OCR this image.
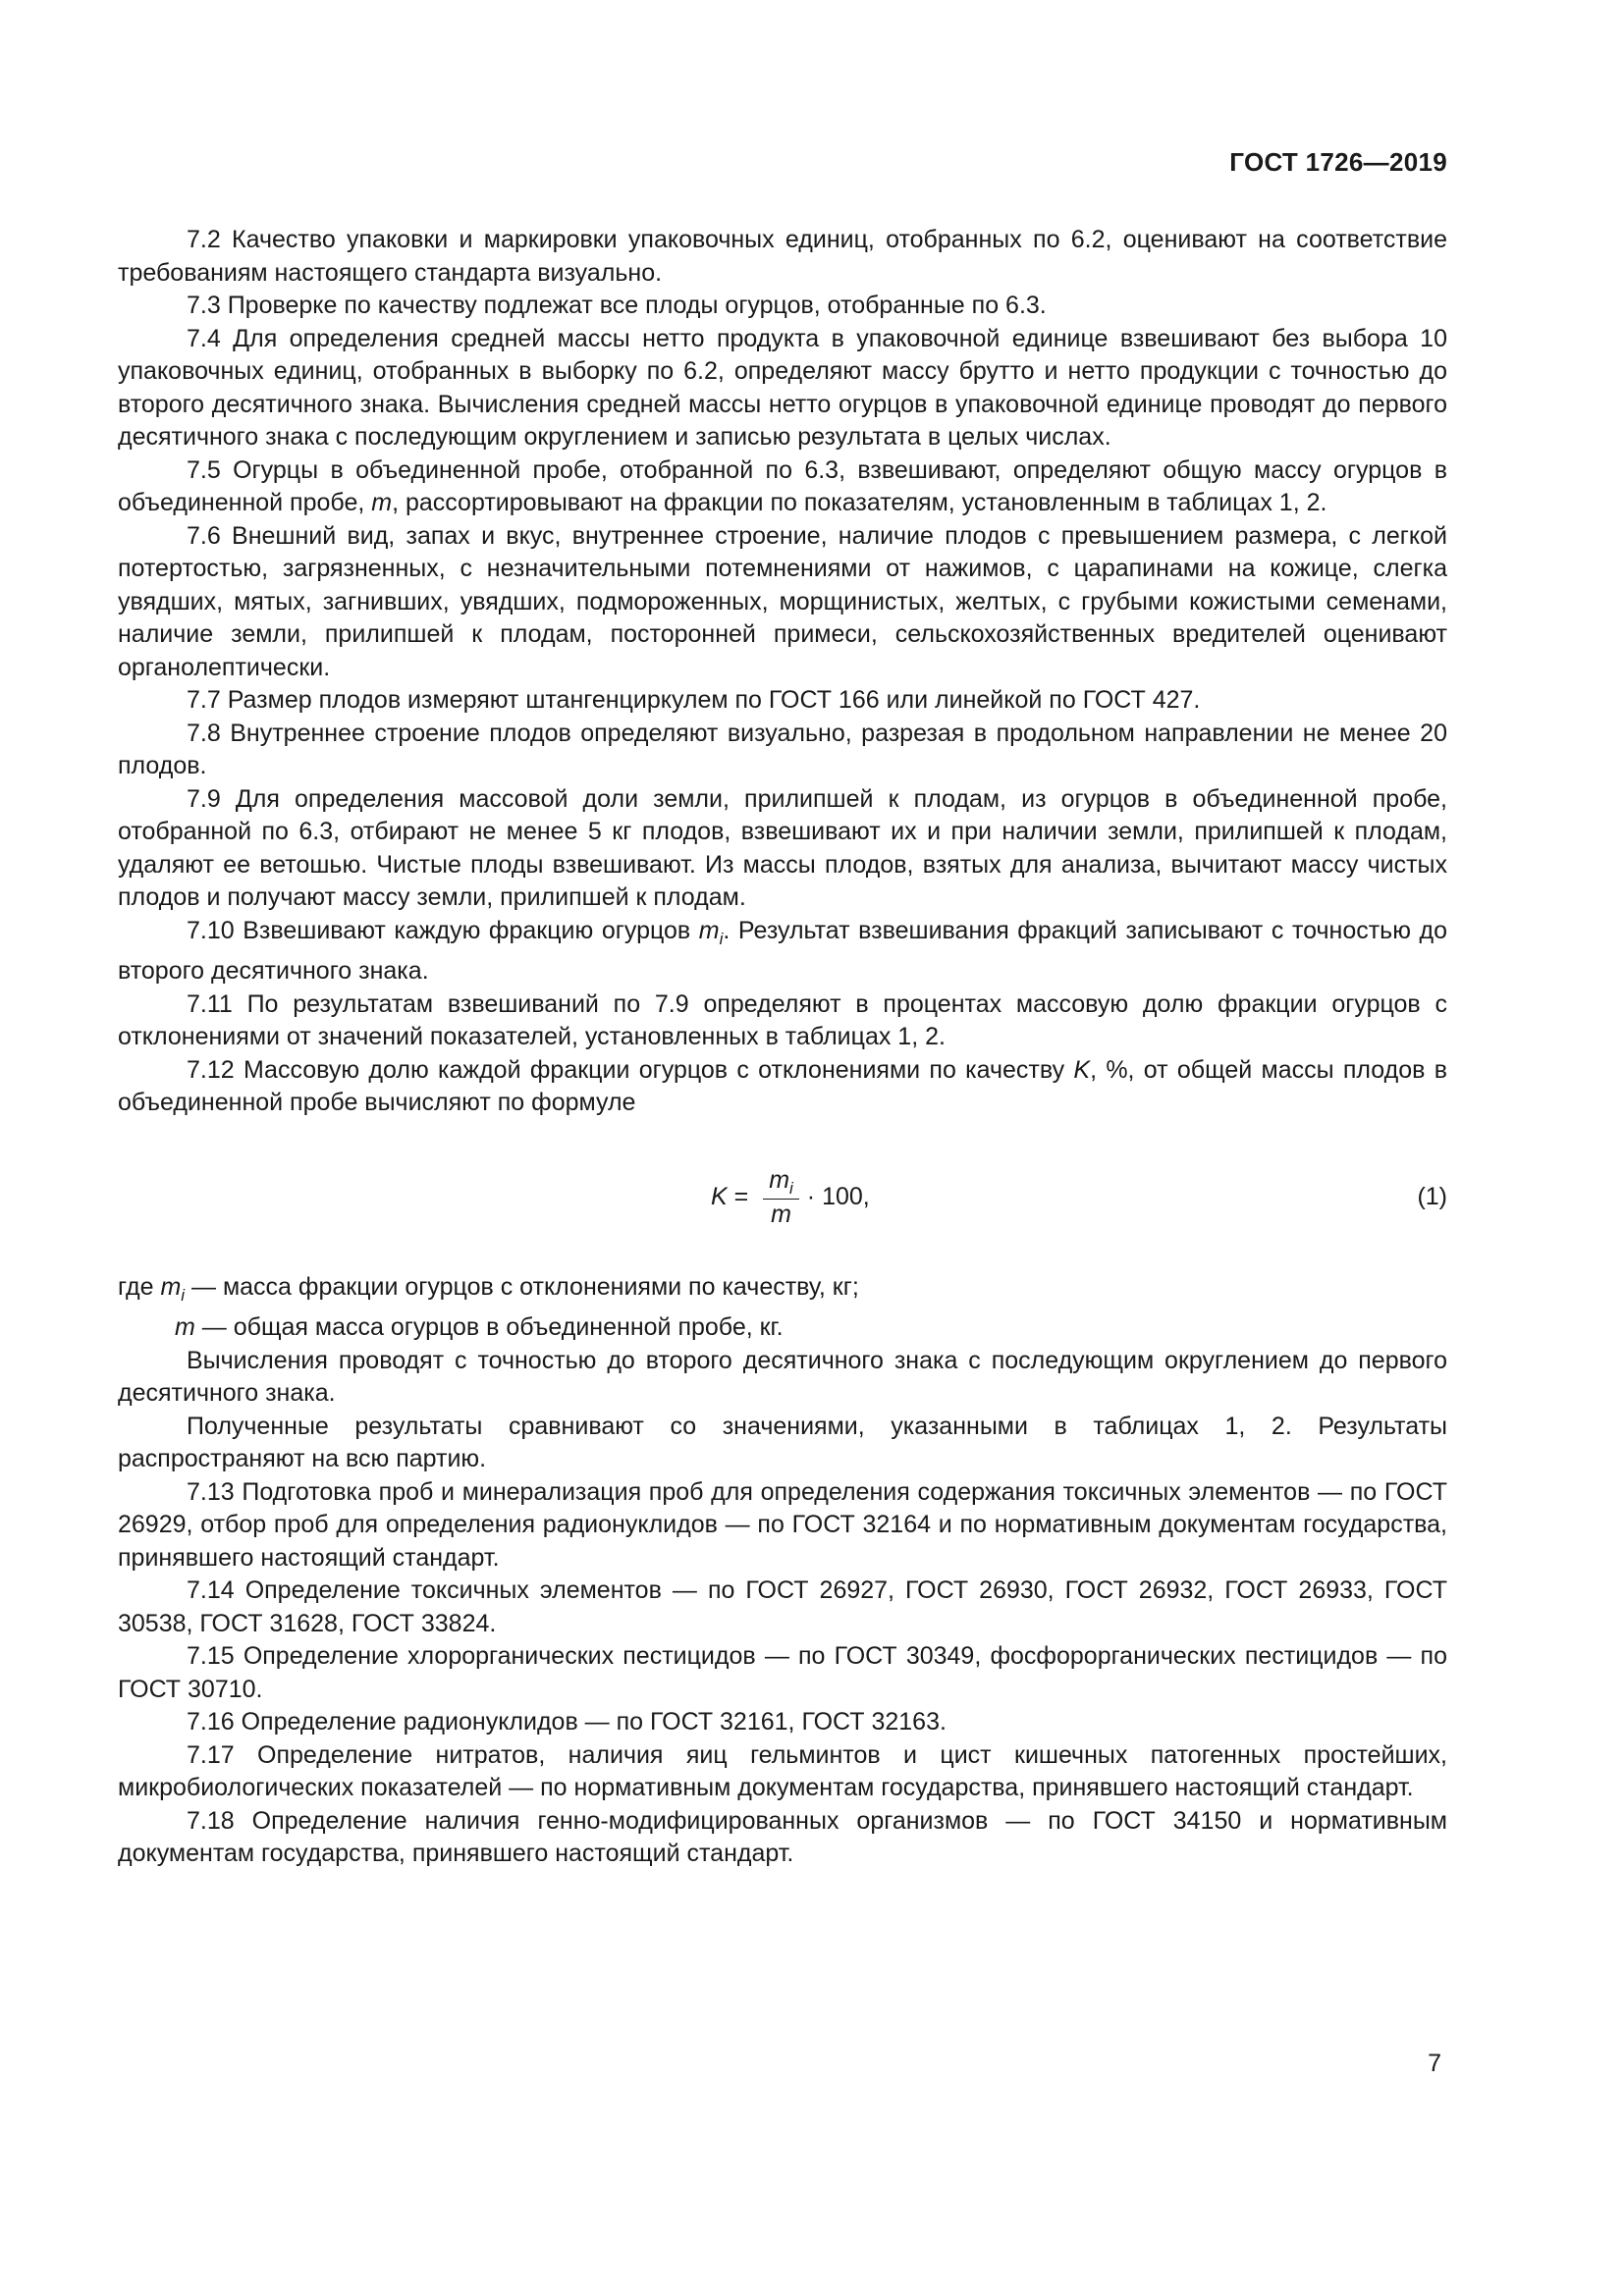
ГОСТ 1726—2019

7.2 Качество упаковки и маркировки упаковочных единиц, отобранных по 6.2, оценивают на соответствие требованиям настоящего стандарта визуально.

7.3 Проверке по качеству подлежат все плоды огурцов, отобранные по 6.3.

7.4 Для определения средней массы нетто продукта в упаковочной единице взвешивают без выбора 10 упаковочных единиц, отобранных в выборку по 6.2, определяют массу брутто и нетто продукции с точностью до второго десятичного знака. Вычисления средней массы нетто огурцов в упаковочной единице проводят до первого десятичного знака с последующим округлением и записью результата в целых числах.

7.5 Огурцы в объединенной пробе, отобранной по 6.3, взвешивают, определяют общую массу огурцов в объединенной пробе, m, рассортировывают на фракции по показателям, установленным в таблицах 1, 2.

7.6 Внешний вид, запах и вкус, внутреннее строение, наличие плодов с превышением размера, с легкой потертостью, загрязненных, с незначительными потемнениями от нажимов, с царапинами на кожице, слегка увядших, мятых, загнивших, увядших, подмороженных, морщинистых, желтых, с грубыми кожистыми семенами, наличие земли, прилипшей к плодам, посторонней примеси, сельскохозяйственных вредителей оценивают органолептически.

7.7 Размер плодов измеряют штангенциркулем по ГОСТ 166 или линейкой по ГОСТ 427.

7.8 Внутреннее строение плодов определяют визуально, разрезая в продольном направлении не менее 20 плодов.

7.9 Для определения массовой доли земли, прилипшей к плодам, из огурцов в объединенной пробе, отобранной по 6.3, отбирают не менее 5 кг плодов, взвешивают их и при наличии земли, прилипшей к плодам, удаляют ее ветошью. Чистые плоды взвешивают. Из массы плодов, взятых для анализа, вычитают массу чистых плодов и получают массу земли, прилипшей к плодам.

7.10 Взвешивают каждую фракцию огурцов $m_i$. Результат взвешивания фракций записывают с точностью до второго десятичного знака.

7.11 По результатам взвешиваний по 7.9 определяют в процентах массовую долю фракции огурцов с отклонениями от значений показателей, установленных в таблицах 1, 2.

7.12 Массовую долю каждой фракции огурцов с отклонениями по качеству K, %, от общей массы плодов в объединенной пробе вычисляют по формуле

$K = \frac{m_i}{m} \cdot 100$,	(1)

где $m_i$ — масса фракции огурцов с отклонениями по качеству, кг;

m — общая масса огурцов в объединенной пробе, кг.

Вычисления проводят с точностью до второго десятичного знака с последующим округлением до первого десятичного знака.

Полученные результаты сравнивают со значениями, указанными в таблицах 1, 2. Результаты распространяют на всю партию.

7.13 Подготовка проб и минерализация проб для определения содержания токсичных элементов — по ГОСТ 26929, отбор проб для определения радионуклидов — по ГОСТ 32164 и по нормативным документам государства, принявшего настоящий стандарт.

7.14 Определение токсичных элементов — по ГОСТ 26927, ГОСТ 26930, ГОСТ 26932, ГОСТ 26933, ГОСТ 30538, ГОСТ 31628, ГОСТ 33824.

7.15 Определение хлорорганических пестицидов — по ГОСТ 30349, фосфорорганических пестицидов — по ГОСТ 30710.

7.16 Определение радионуклидов — по ГОСТ 32161, ГОСТ 32163.

7.17 Определение нитратов, наличия яиц гельминтов и цист кишечных патогенных простейших, микробиологических показателей — по нормативным документам государства, принявшего настоящий стандарт.

7.18 Определение наличия генно-модифицированных организмов — по ГОСТ 34150 и нормативным документам государства, принявшего настоящий стандарт.

7
